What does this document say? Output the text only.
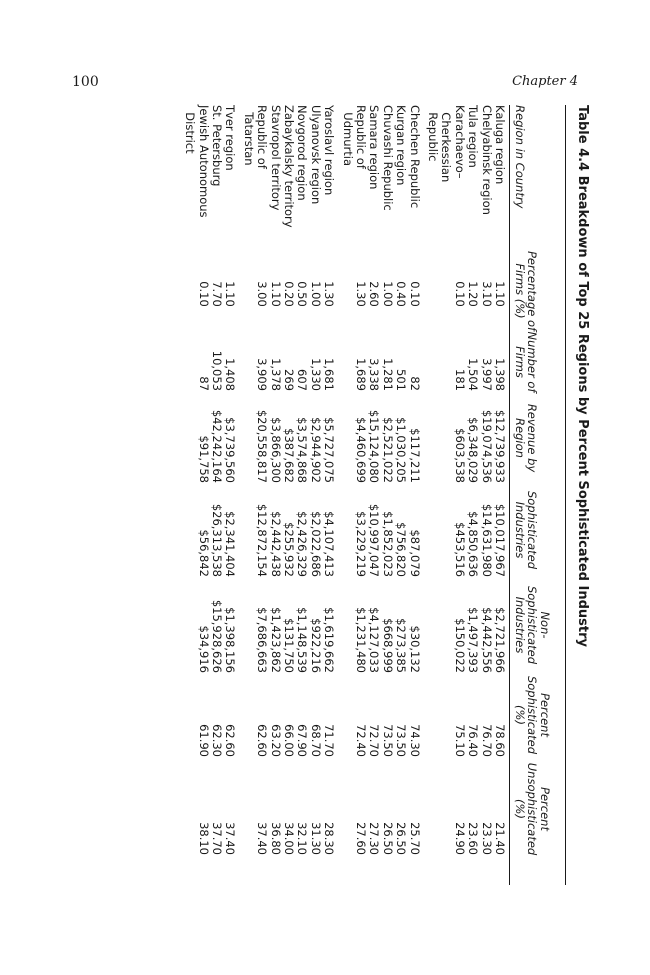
100	Chapter 4
Table 4.4 Breakdown of Top 25 Regions by Percent Sophisticated Industry
Region in Country
Percentage of
Firms (%)
Number of
Firms
Revenue by
Region
Sophisticated
Industries
Non-
Sophisticated
Industries
Percent
Sophisticated
(%)
Percent
Unsophisticated
(%)
Kaluga region
1.10
1,398
$12,739,933
$10,017,967
$2,721,966
78.60
21.40
Chelyabinsk region
3.10
3,997
$19,074,536
$14,631,980
$4,442,556
76.70
23.30
Tula region
1.20
1,504
$6,348,029
$4,850,636
$1,497,393
76.40
23.60
Karachaevo–
Cherkessian
Republic
0.10
181
$603,538
$453,516
$150,022
75.10
24.90
Chechen Republic
0.10
82
$117,211
$87,079
$30,132
74.30
25.70
Kurgan region
0.40
501
$1,030,205
$756,820
$273,385
73.50
26.50
Chuvashi Republic
1.00
1,281
$2,521,022
$1,852,023
$668,999
73.50
26.50
Samara region
2.60
3,338
$15,124,080
$10,997,047
$4,127,033
72.70
27.30
Republic of
Udmurtia
1.30
1,689
$4,460,699
$3,229,219
$1,231,480
72.40
27.60
Yaroslavl region
1.30
1,681
$5,727,075
$4,107,413
$1,619,662
71.70
28.30
Ulyanovsk region
1.00
1,330
$2,944,902
$2,022,686
$922,216
68.70
31.30
Novgorod region
0.50
607
$3,574,868
$2,426,329
$1,148,539
67.90
32.10
Zabaykalsky territory
0.20
269
$387,682
$255,932
$131,750
66.00
34.00
Stavropol territory
1.10
1,378
$3,866,300
$2,442,438
$1,423,862
63.20
36.80
Republic of
Tatarstan
3.00
3,909
$20,558,817
$12,872,154
$7,686,663
62.60
37.40
Tver region
1.10
1,408
$3,739,560
$2,341,404
$1,398,156
62.60
37.40
St. Petersburg
7.70
10,053
$42,242,164
$26,313,538
$15,928,626
62.30
37.70
Jewish Autonomous
District
0.10
87
$91,758
$56,842
$34,916
61.90
38.10
